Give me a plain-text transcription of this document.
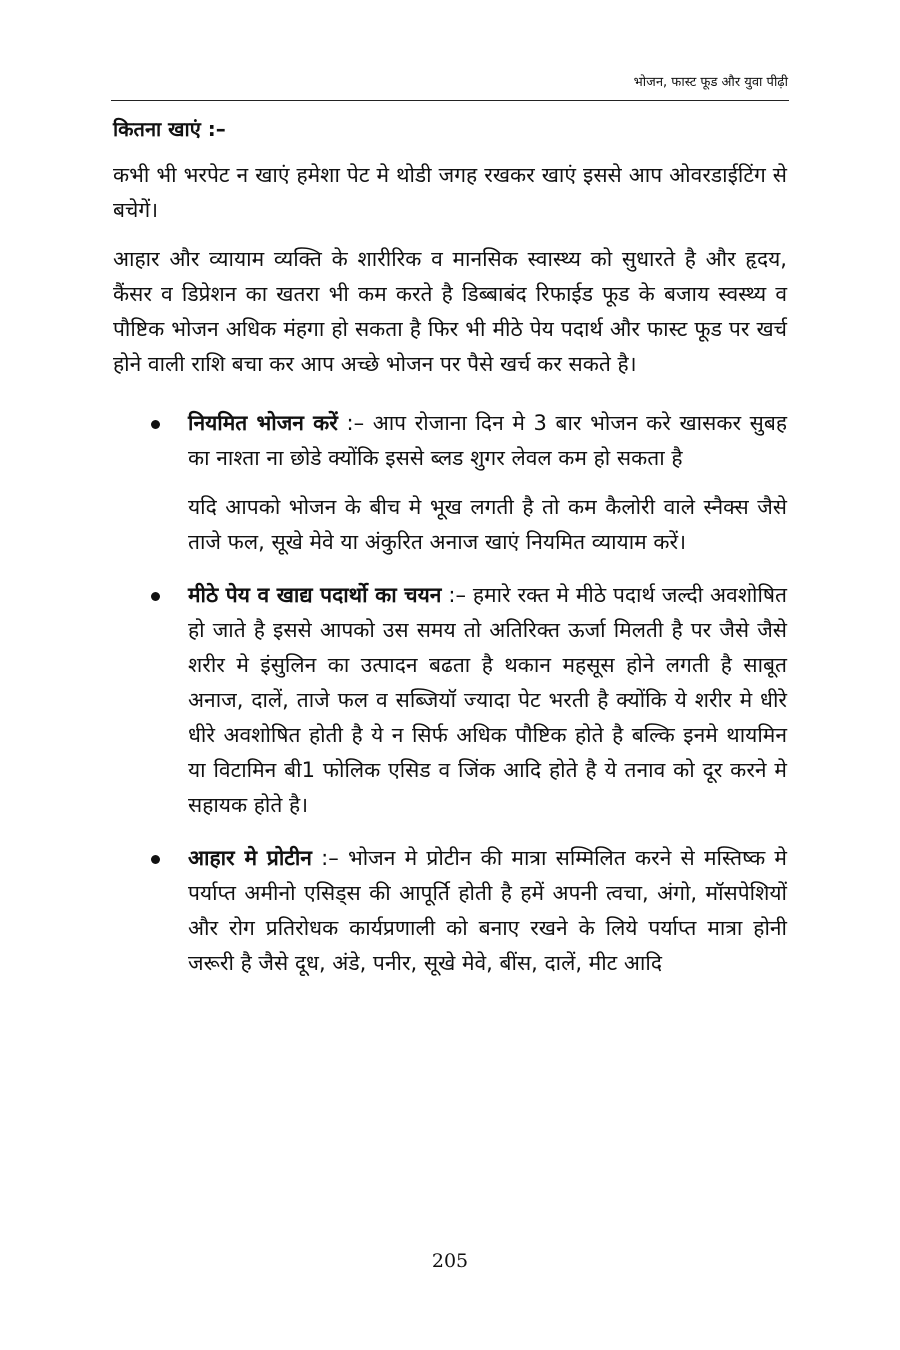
भोजन, फास्ट फूड और युवा पीढ़ी
कितना खाएं :–

कभी भी भरपेट न खाएं हमेशा पेट मे थोडी जगह रखकर खाएं इससे आप ओवरडाईटिंग से बचेगें।

आहार और व्यायाम व्यक्ति के शारीरिक व मानसिक स्वास्थ्य को सुधारते है और हृदय, कैंसर व डिप्रेशन का खतरा भी कम करते है डिब्बाबंद रिफाईड फूड के बजाय स्वस्थ्य व पौष्टिक भोजन अधिक मंहगा हो सकता है फिर भी मीठे पेय पदार्थ और फास्ट फूड पर खर्च होने वाली राशि बचा कर आप अच्छे भोजन पर पैसे खर्च कर सकते है।

नियमित भोजन करें :– आप रोजाना दिन मे 3 बार भोजन करे खासकर सुबह का नाश्ता ना छोडे क्योंकि इससे ब्लड शुगर लेवल कम हो सकता है

यदि आपको भोजन के बीच मे भूख लगती है तो कम कैलोरी वाले स्नैक्स जैसे ताजे फल, सूखे मेवे या अंकुरित अनाज खाएं नियमित व्यायाम करें।

मीठे पेय व खाद्य पदार्थो का चयन :– हमारे रक्त मे मीठे पदार्थ जल्दी अवशोषित हो जाते है इससे आपको उस समय तो अतिरिक्त ऊर्जा मिलती है पर जैसे जैसे शरीर मे इंसुलिन का उत्पादन बढता है थकान महसूस होने लगती है साबूत अनाज, दालें, ताजे फल व सब्जियॉ ज्यादा पेट भरती है क्योंकि ये शरीर मे धीरे धीरे अवशोषित होती है ये न सिर्फ अधिक पौष्टिक होते है बल्कि इनमे थायमिन या विटामिन बी1 फोलिक एसिड व जिंक आदि होते है ये तनाव को दूर करने मे सहायक होते है।

आहार मे प्रोटीन :– भोजन मे प्रोटीन की मात्रा सम्मिलित करने से मस्तिष्क मे पर्याप्त अमीनो एसिड्स की आपूर्ति होती है हमें अपनी त्वचा, अंगो, मॉसपेशियों और रोग प्रतिरोधक कार्यप्रणाली को बनाए रखने के लिये पर्याप्त मात्रा होनी जरूरी है जैसे दूध, अंडे, पनीर, सूखे मेवे, बींस, दालें, मीट आदि

205
